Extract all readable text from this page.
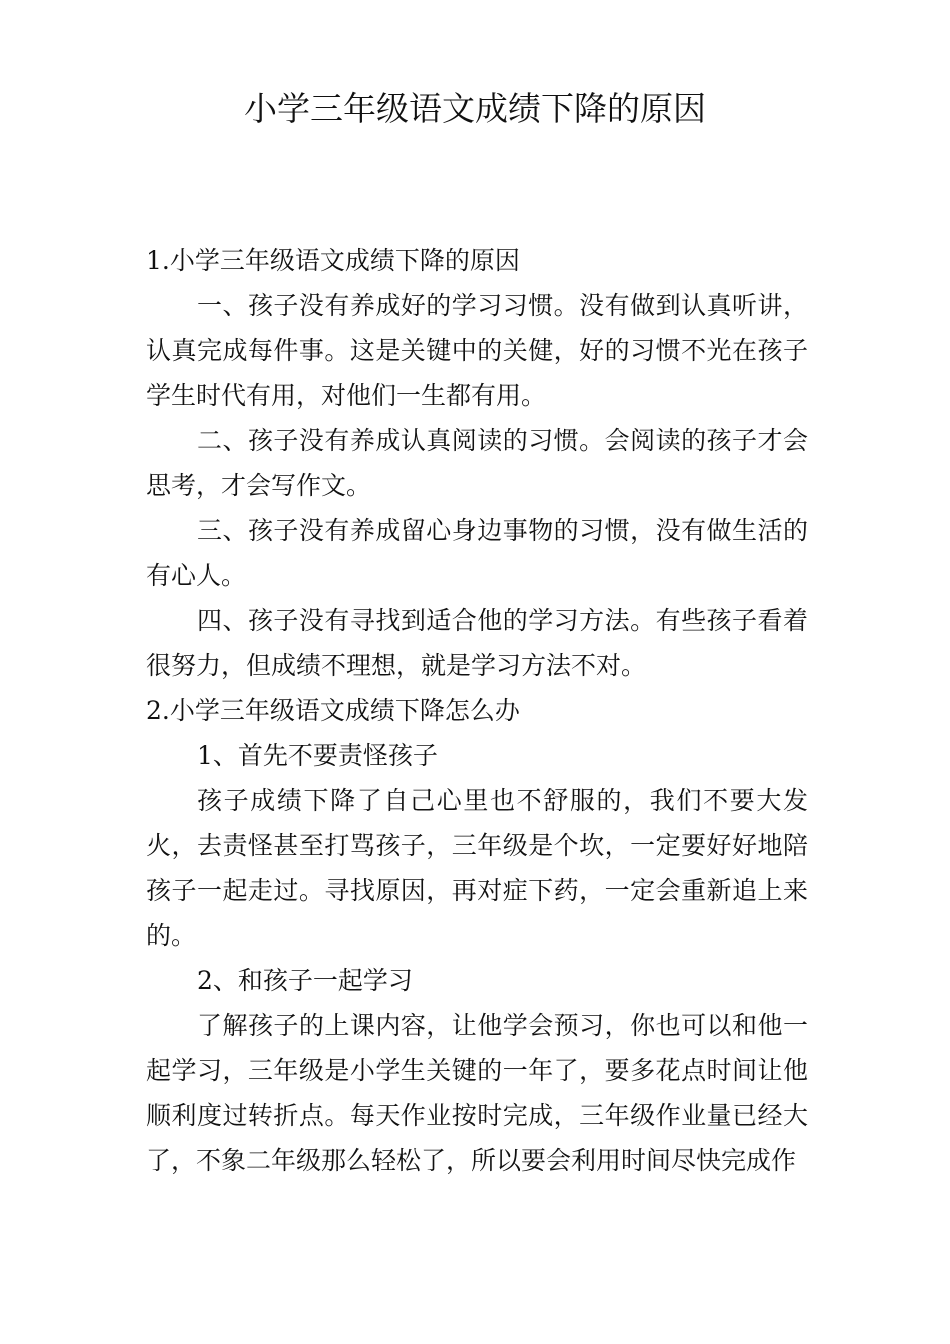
小学三年级语文成绩下降的原因

1.小学三年级语文成绩下降的原因

一、孩子没有养成好的学习习惯。没有做到认真听讲，认真完成每件事。这是关键中的关健，好的习惯不光在孩子学生时代有用，对他们一生都有用。

二、孩子没有养成认真阅读的习惯。会阅读的孩子才会思考，才会写作文。

三、孩子没有养成留心身边事物的习惯，没有做生活的有心人。

四、孩子没有寻找到适合他的学习方法。有些孩子看着很努力，但成绩不理想，就是学习方法不对。

2.小学三年级语文成绩下降怎么办

1、首先不要责怪孩子

孩子成绩下降了自己心里也不舒服的，我们不要大发火，去责怪甚至打骂孩子，三年级是个坎，一定要好好地陪孩子一起走过。寻找原因，再对症下药，一定会重新追上来的。

2、和孩子一起学习

了解孩子的上课内容，让他学会预习，你也可以和他一起学习，三年级是小学生关键的一年了，要多花点时间让他顺利度过转折点。每天作业按时完成，三年级作业量已经大了，不象二年级那么轻松了，所以要会利用时间尽快完成作
